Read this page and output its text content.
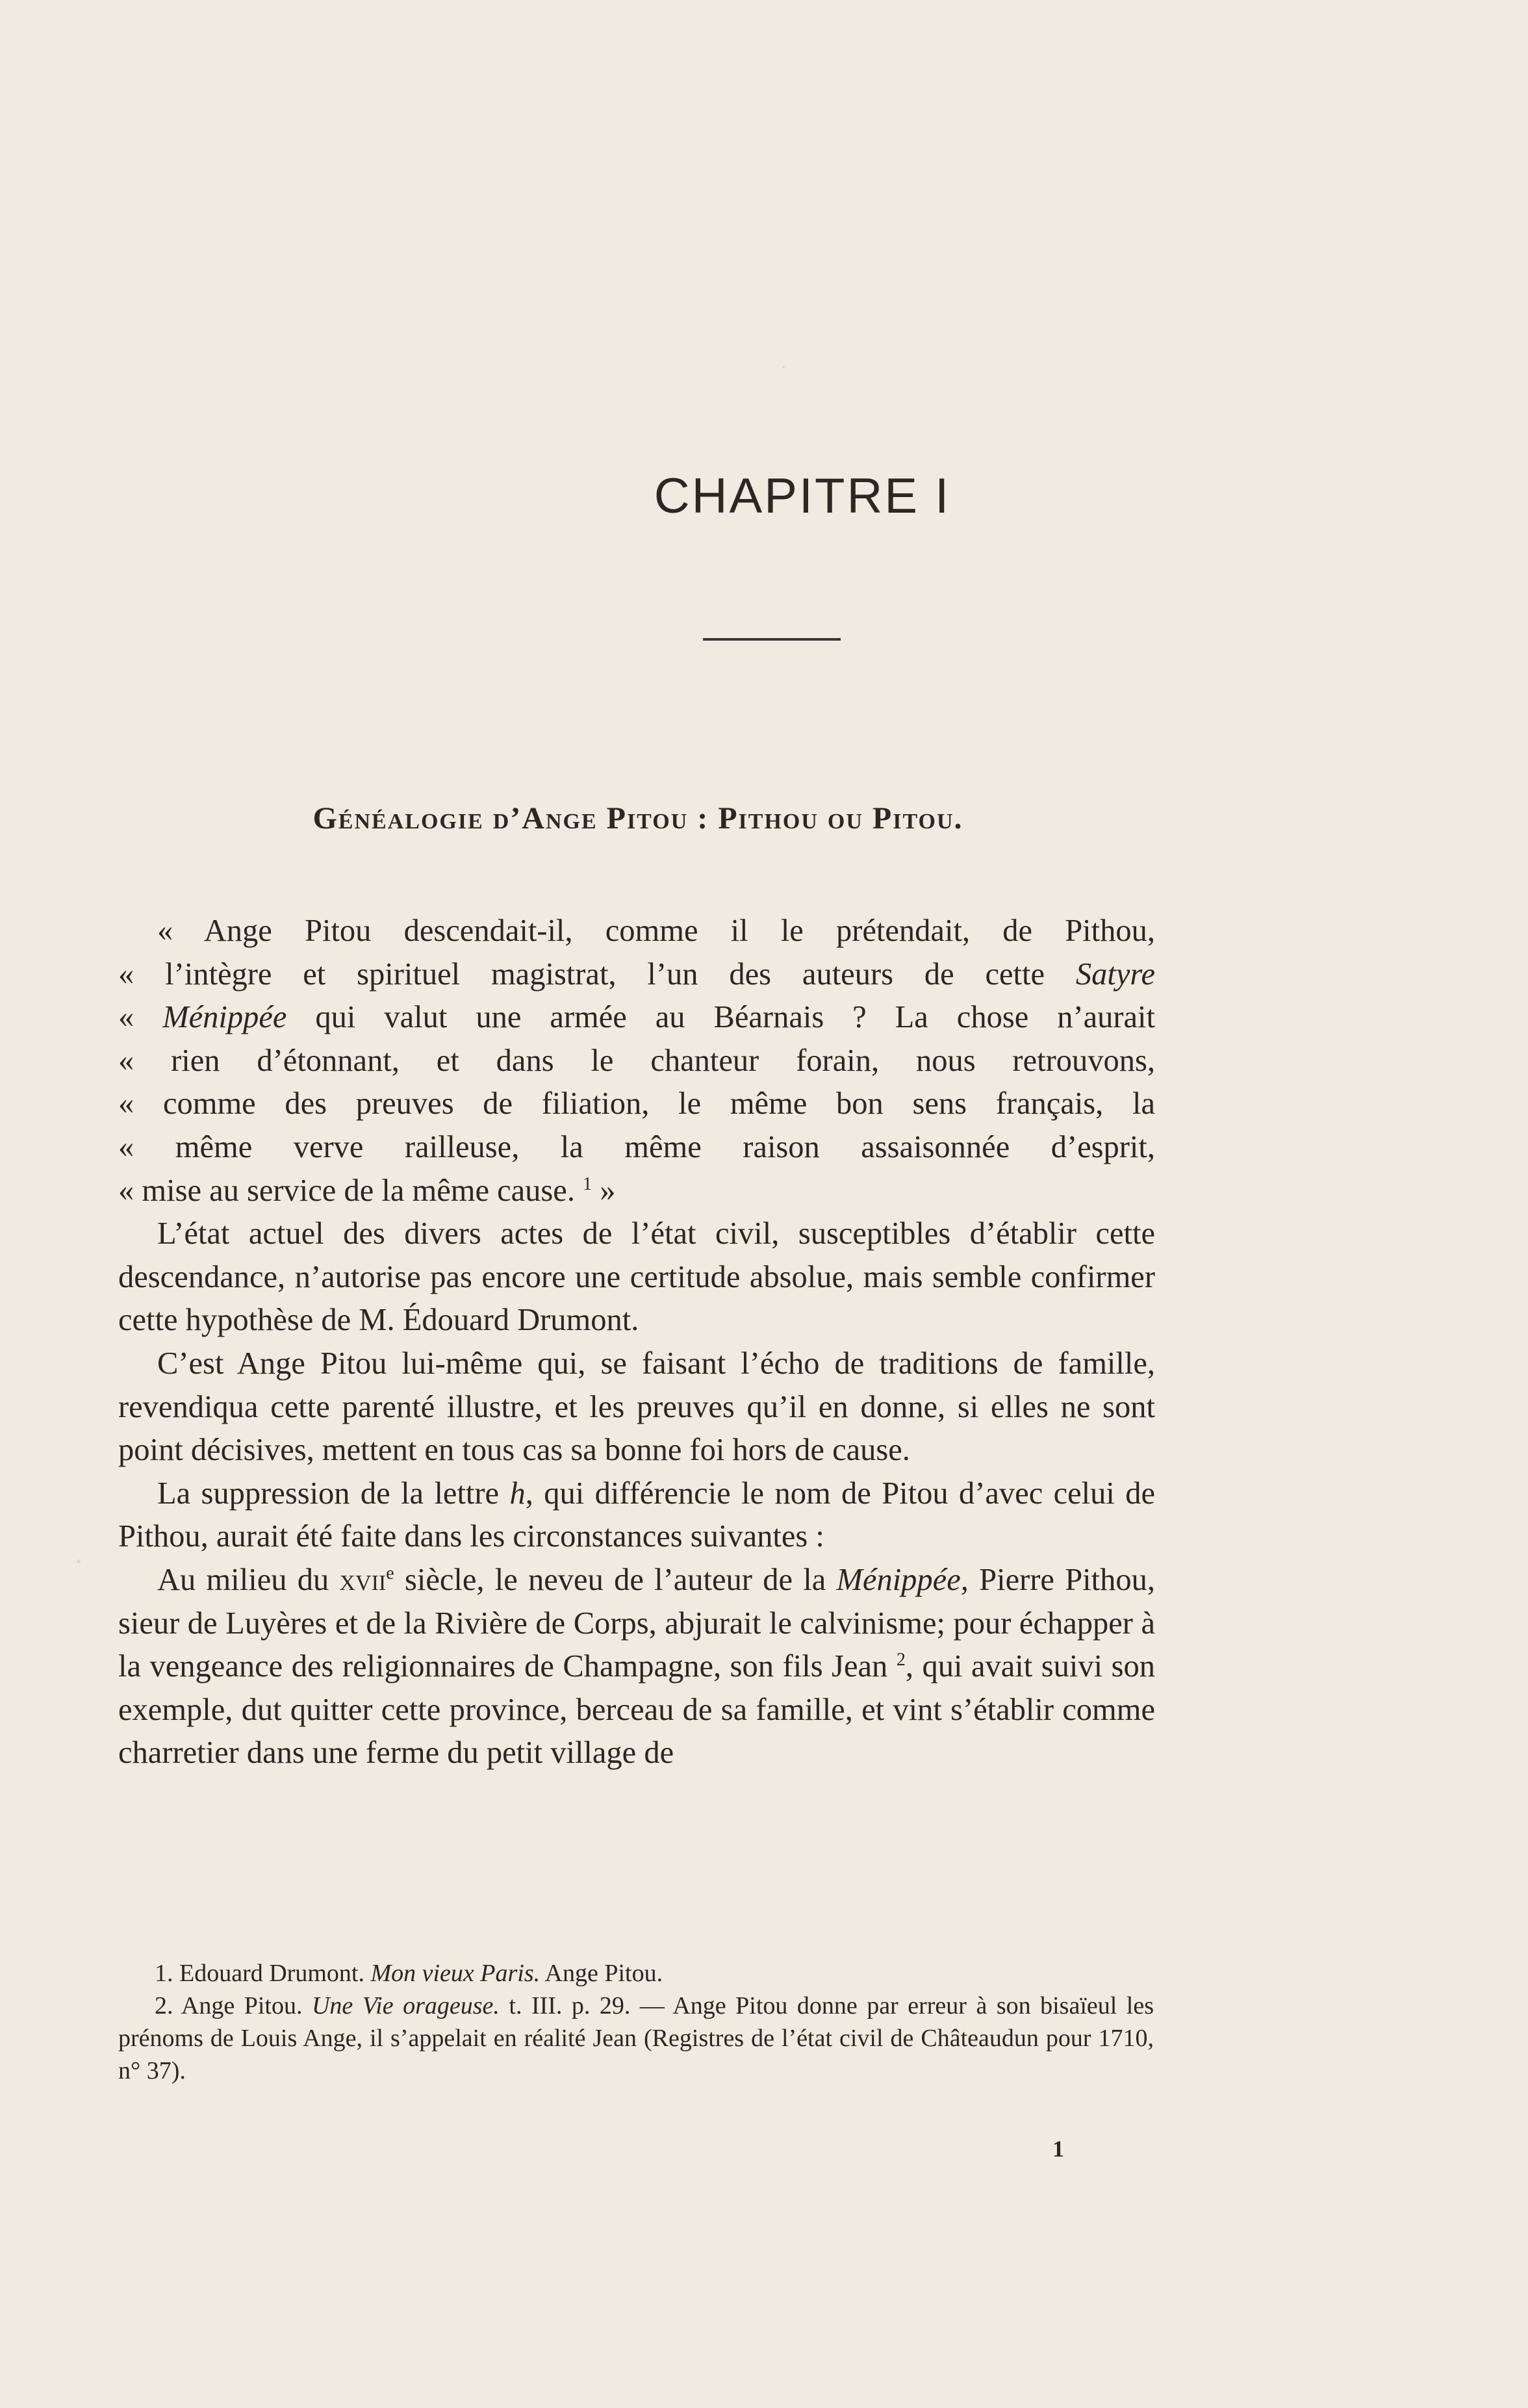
CHAPITRE I
Généalogie d’Ange Pitou : Pithou ou Pitou.
« Ange Pitou descendait-il, comme il le prétendait, de Pithou,
« l’intègre et spirituel magistrat, l’un des auteurs de cette Satyre
« Ménippée qui valut une armée au Béarnais ? La chose n’aurait
« rien d’étonnant, et dans le chanteur forain, nous retrouvons,
« comme des preuves de filiation, le même bon sens français, la
« même verve railleuse, la même raison assaisonnée d’esprit,
« mise au service de la même cause. $^1$ »

L’état actuel des divers actes de l’état civil, susceptibles d’établir cette descendance, n’autorise pas encore une certitude absolue, mais semble confirmer cette hypothèse de M. Édouard Drumont.

C’est Ange Pitou lui-même qui, se faisant l’écho de traditions de famille, revendiqua cette parenté illustre, et les preuves qu’il en donne, si elles ne sont point décisives, mettent en tous cas sa bonne foi hors de cause.

La suppression de la lettre h, qui différencie le nom de Pitou d’avec celui de Pithou, aurait été faite dans les circonstances suivantes :

Au milieu du xvii$^e$ siècle, le neveu de l’auteur de la Ménippée, Pierre Pithou, sieur de Luyères et de la Rivière de Corps, abjurait le calvinisme; pour échapper à la vengeance des religionnaires de Champagne, son fils Jean $^2$, qui avait suivi son exemple, dut quitter cette province, berceau de sa famille, et vint s’établir comme charretier dans une ferme du petit village de

1. Edouard Drumont. Mon vieux Paris. Ange Pitou.

2. Ange Pitou. Une Vie orageuse. t. III. p. 29. — Ange Pitou donne par erreur à son bisaïeul les prénoms de Louis Ange, il s’appelait en réalité Jean (Registres de l’état civil de Châteaudun pour 1710, n° 37).

1
